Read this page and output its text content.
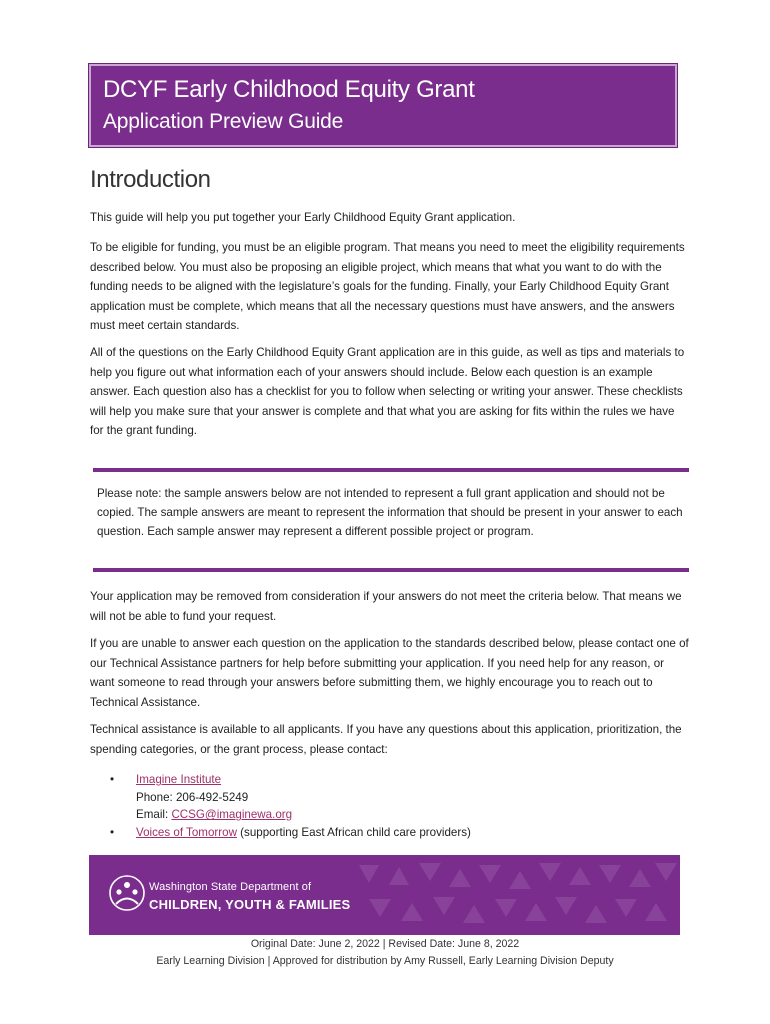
DCYF Early Childhood Equity Grant
Application Preview Guide
Introduction

This guide will help you put together your Early Childhood Equity Grant application.

To be eligible for funding, you must be an eligible program. That means you need to meet the eligibility requirements described below. You must also be proposing an eligible project, which means that what you want to do with the funding needs to be aligned with the legislature’s goals for the funding. Finally, your Early Childhood Equity Grant application must be complete, which means that all the necessary questions must have answers, and the answers must meet certain standards.

All of the questions on the Early Childhood Equity Grant application are in this guide, as well as tips and materials to help you figure out what information each of your answers should include. Below each question is an example answer. Each question also has a checklist for you to follow when selecting or writing your answer. These checklists will help you make sure that your answer is complete and that what you are asking for fits within the rules we have for the grant funding.

Please note: the sample answers below are not intended to represent a full grant application and should not be copied. The sample answers are meant to represent the information that should be present in your answer to each question. Each sample answer may represent a different possible project or program.

Your application may be removed from consideration if your answers do not meet the criteria below. That means we will not be able to fund your request.

If you are unable to answer each question on the application to the standards described below, please contact one of our Technical Assistance partners for help before submitting your application. If you need help for any reason, or want someone to read through your answers before submitting them, we highly encourage you to reach out to Technical Assistance.

Technical assistance is available to all applicants. If you have any questions about this application, prioritization, the spending categories, or the grant process, please contact:

•	Imagine Institute
Phone: 206-492-5249
Email: CCSG@imaginewa.org
•	Voices of Tomorrow (supporting East African child care providers)
Washington State Department of
CHILDREN, YOUTH & FAMILIES
Original Date: June 2, 2022 | Revised Date: June 8, 2022
Early Learning Division | Approved for distribution by Amy Russell, Early Learning Division Deputy
